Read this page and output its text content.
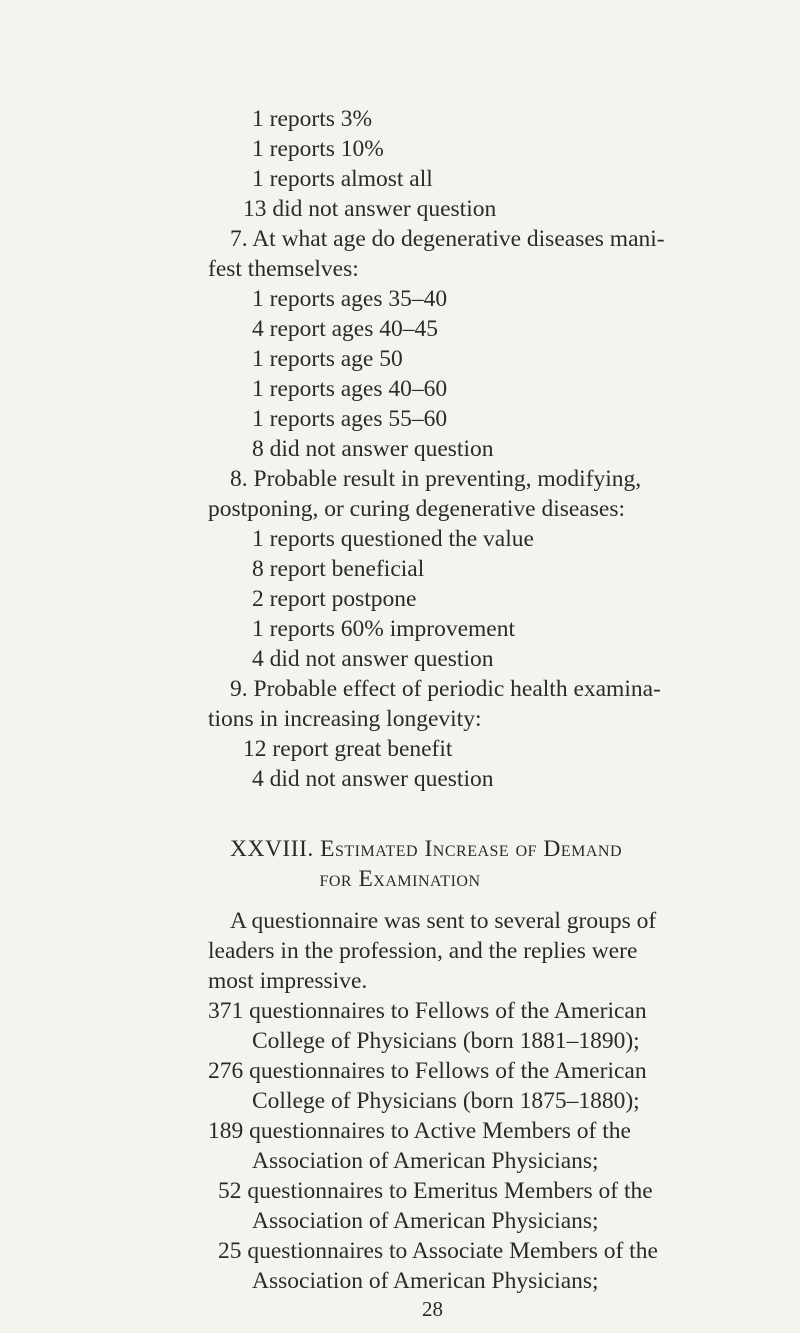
1 reports 3%
1 reports 10%
1 reports almost all
13 did not answer question
7. At what age do degenerative diseases mani-
fest themselves:
1 reports ages 35–40
4 report ages 40–45
1 reports age 50
1 reports ages 40–60
1 reports ages 55–60
8 did not answer question
8. Probable result in preventing, modifying,
postponing, or curing degenerative diseases:
1 reports questioned the value
8 report beneficial
2 report postpone
1 reports 60% improvement
4 did not answer question
9. Probable effect of periodic health examina-
tions in increasing longevity:
12 report great benefit
4 did not answer question
XXVIII. Estimated Increase of Demand
for Examination
A questionnaire was sent to several groups of
leaders in the profession, and the replies were
most impressive.
371 questionnaires to Fellows of the American
College of Physicians (born 1881–1890);
276 questionnaires to Fellows of the American
College of Physicians (born 1875–1880);
189 questionnaires to Active Members of the
Association of American Physicians;
52 questionnaires to Emeritus Members of the
Association of American Physicians;
25 questionnaires to Associate Members of the
Association of American Physicians;
28
